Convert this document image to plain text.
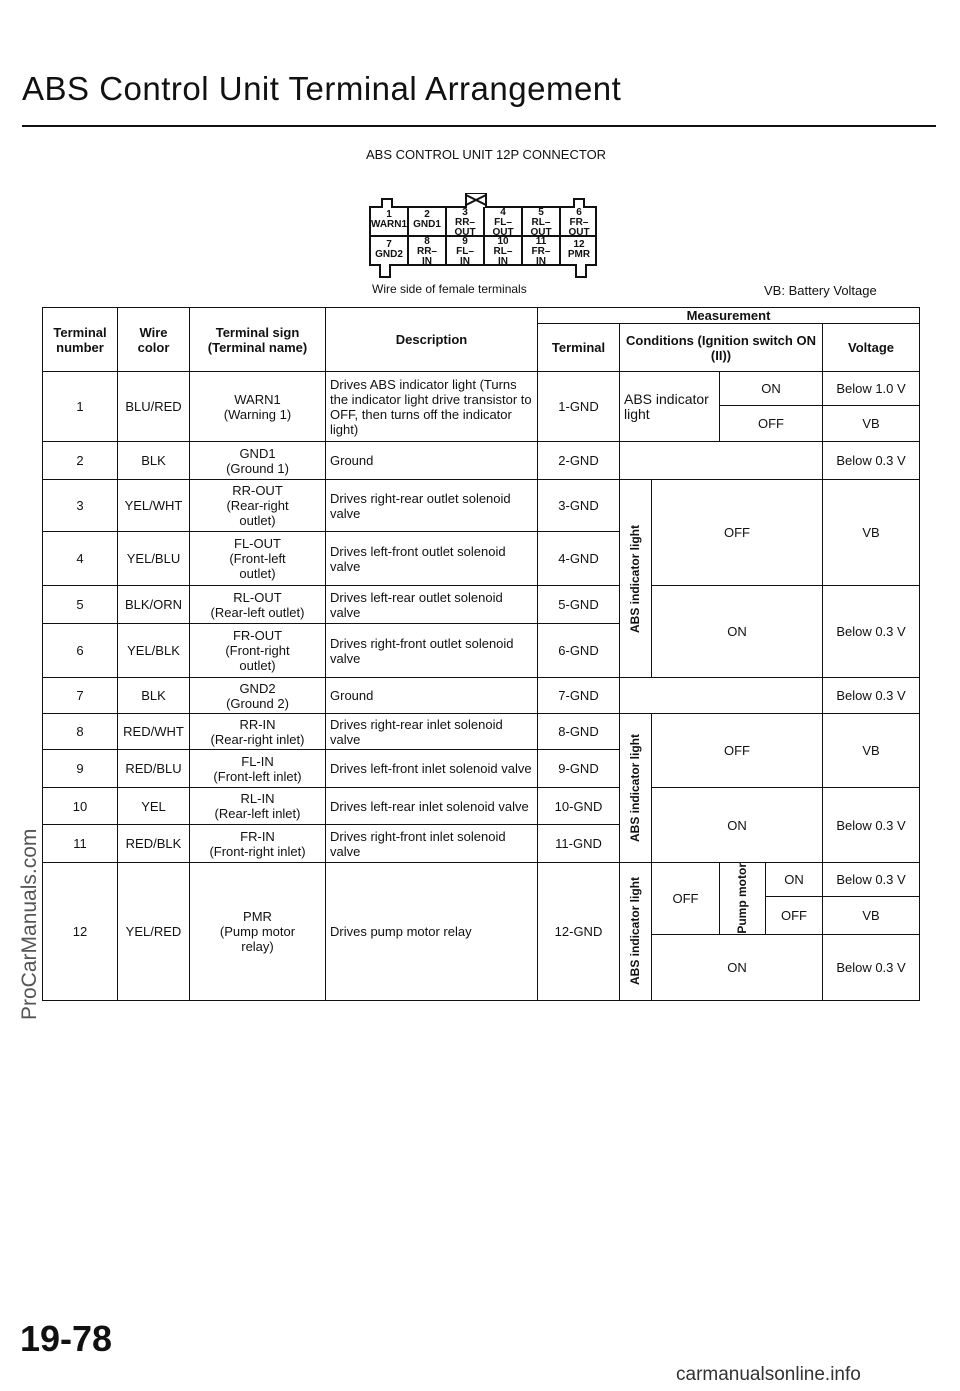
ABS Control Unit Terminal Arrangement
ABS CONTROL UNIT 12P CONNECTOR
1
WARN1
2
GND1
3
RR–
OUT
4
FL–
OUT
5
RL–
OUT
6
FR–
OUT
7
GND2
8
RR–
IN
9
FL–
IN
10
RL–
IN
11
FR–
IN
12
PMR
Wire side of female terminals	VB: Battery Voltage
Terminal number	Wire color	Terminal sign (Terminal name)	Description	Measurement					
				Terminal	Conditions (Ignition switch ON (II))				Voltage
1	BLU/RED	WARN1
(Warning 1)	Drives ABS indicator light (Turns the indicator light drive transistor to OFF, then turns off the indicator light)	1-GND	ABS indicator light		ON		Below 1.0 V
							OFF		VB
2	BLK	GND1
(Ground 1)	Ground	2-GND					Below 0.3 V
3	YEL/WHT	RR-OUT
(Rear-right
outlet)	Drives right-rear outlet solenoid valve	3-GND	ABS indicator light	OFF			VB
4	YEL/BLU	FL-OUT
(Front-left
outlet)	Drives left-front outlet solenoid valve	4-GND					
5	BLK/ORN	RL-OUT
(Rear-left outlet)	Drives left-rear outlet solenoid valve	5-GND		ON			Below 0.3 V
6	YEL/BLK	FR-OUT
(Front-right
outlet)	Drives right-front outlet solenoid valve	6-GND					
7	BLK	GND2
(Ground 2)	Ground	7-GND					Below 0.3 V
8	RED/WHT	RR-IN
(Rear-right inlet)	Drives right-rear inlet solenoid valve	8-GND	ABS indicator light	OFF			VB
9	RED/BLU	FL-IN
(Front-left inlet)	Drives left-front inlet solenoid valve	9-GND					
10	YEL	RL-IN
(Rear-left inlet)	Drives left-rear inlet solenoid valve	10-GND		ON			Below 0.3 V
11	RED/BLK	FR-IN
(Front-right inlet)	Drives right-front inlet solenoid valve	11-GND					
12	YEL/RED	PMR
(Pump motor
relay)	Drives pump motor relay	12-GND	ABS indicator light	OFF	Pump motor	ON	Below 0.3 V
								OFF	VB
						ON			Below 0.3 V
ProCarManuals.com
19-78
carmanualsonline.info
